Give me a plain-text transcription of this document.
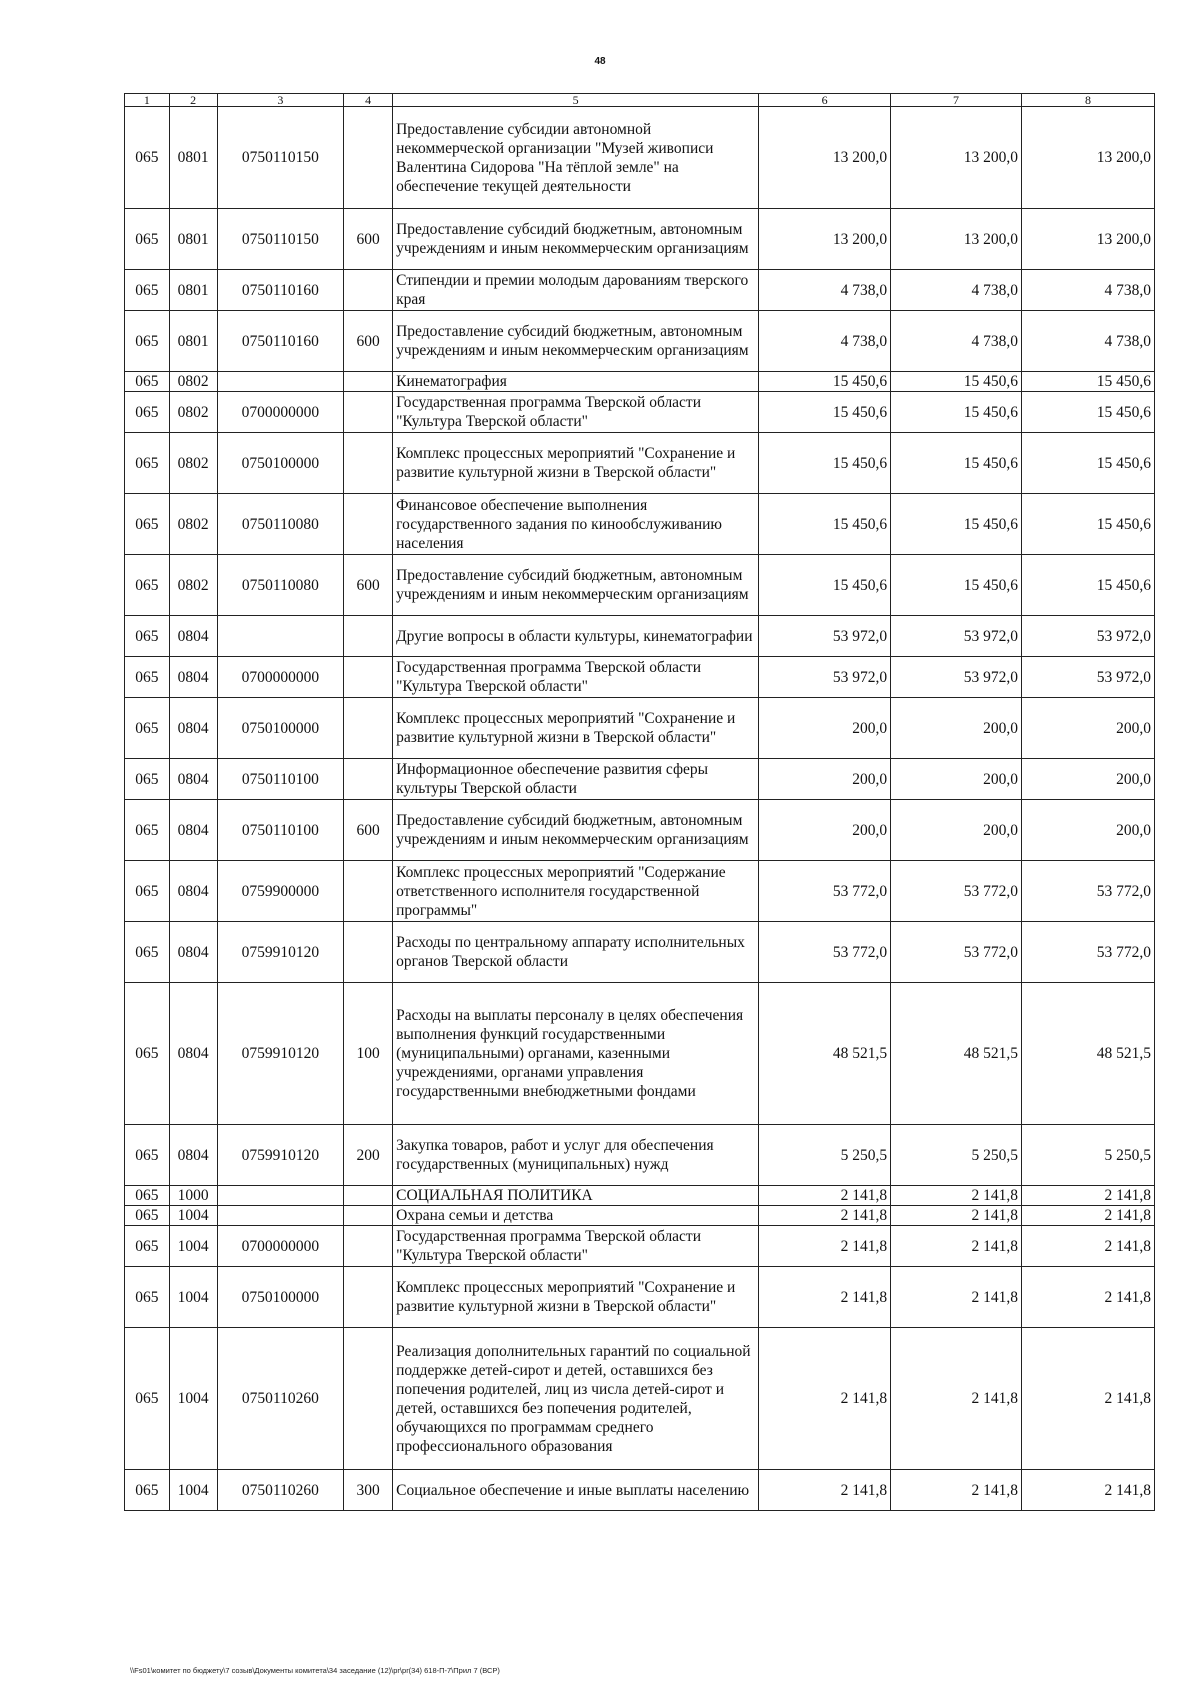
48
1	2	3	4	5	6	7	8
065	0801	0750110150		Предоставление субсидии автономной некоммерческой организации "Музей живописи Валентина Сидорова "На тёплой земле" на обеспечение текущей деятельности	13 200,0	13 200,0	13 200,0
065	0801	0750110150	600	Предоставление субсидий бюджетным, автономным учреждениям и иным некоммерческим организациям	13 200,0	13 200,0	13 200,0
065	0801	0750110160		Стипендии и премии молодым дарованиям тверского края	4 738,0	4 738,0	4 738,0
065	0801	0750110160	600	Предоставление субсидий бюджетным, автономным учреждениям и иным некоммерческим организациям	4 738,0	4 738,0	4 738,0
065	0802			Кинематография	15 450,6	15 450,6	15 450,6
065	0802	0700000000		Государственная программа Тверской области "Культура Тверской области"	15 450,6	15 450,6	15 450,6
065	0802	0750100000		Комплекс процессных мероприятий "Сохранение и развитие культурной жизни в Тверской области"	15 450,6	15 450,6	15 450,6
065	0802	0750110080		Финансовое обеспечение выполнения государственного задания по кинообслуживанию населения	15 450,6	15 450,6	15 450,6
065	0802	0750110080	600	Предоставление субсидий бюджетным, автономным учреждениям и иным некоммерческим организациям	15 450,6	15 450,6	15 450,6
065	0804			Другие вопросы в области культуры, кинематографии	53 972,0	53 972,0	53 972,0
065	0804	0700000000		Государственная программа Тверской области "Культура Тверской области"	53 972,0	53 972,0	53 972,0
065	0804	0750100000		Комплекс процессных мероприятий "Сохранение и развитие культурной жизни в Тверской области"	200,0	200,0	200,0
065	0804	0750110100		Информационное обеспечение развития сферы культуры Тверской области	200,0	200,0	200,0
065	0804	0750110100	600	Предоставление субсидий бюджетным, автономным учреждениям и иным некоммерческим организациям	200,0	200,0	200,0
065	0804	0759900000		Комплекс процессных мероприятий "Содержание ответственного исполнителя государственной программы"	53 772,0	53 772,0	53 772,0
065	0804	0759910120		Расходы по центральному аппарату исполнительных органов Тверской области	53 772,0	53 772,0	53 772,0
065	0804	0759910120	100	Расходы на выплаты персоналу в целях обеспечения выполнения функций государственными (муниципальными) органами, казенными учреждениями, органами управления государственными внебюджетными фондами	48 521,5	48 521,5	48 521,5
065	0804	0759910120	200	Закупка товаров, работ и услуг для обеспечения государственных (муниципальных) нужд	5 250,5	5 250,5	5 250,5
065	1000			СОЦИАЛЬНАЯ ПОЛИТИКА	2 141,8	2 141,8	2 141,8
065	1004			Охрана семьи и детства	2 141,8	2 141,8	2 141,8
065	1004	0700000000		Государственная программа Тверской области "Культура Тверской области"	2 141,8	2 141,8	2 141,8
065	1004	0750100000		Комплекс процессных мероприятий "Сохранение и развитие культурной жизни в Тверской области"	2 141,8	2 141,8	2 141,8
065	1004	0750110260		Реализация дополнительных гарантий по социальной поддержке детей-сирот и детей, оставшихся без попечения родителей, лиц из числа детей-сирот и детей, оставшихся без попечения родителей, обучающихся по программам среднего профессионального образования	2 141,8	2 141,8	2 141,8
065	1004	0750110260	300	Социальное обеспечение и иные выплаты населению	2 141,8	2 141,8	2 141,8
\\Fs01\комитет по бюджету\7 созыв\Документы комитета\34 заседание (12)\pr\pr(34) 618-П-7\Прил 7 (ВСР)
